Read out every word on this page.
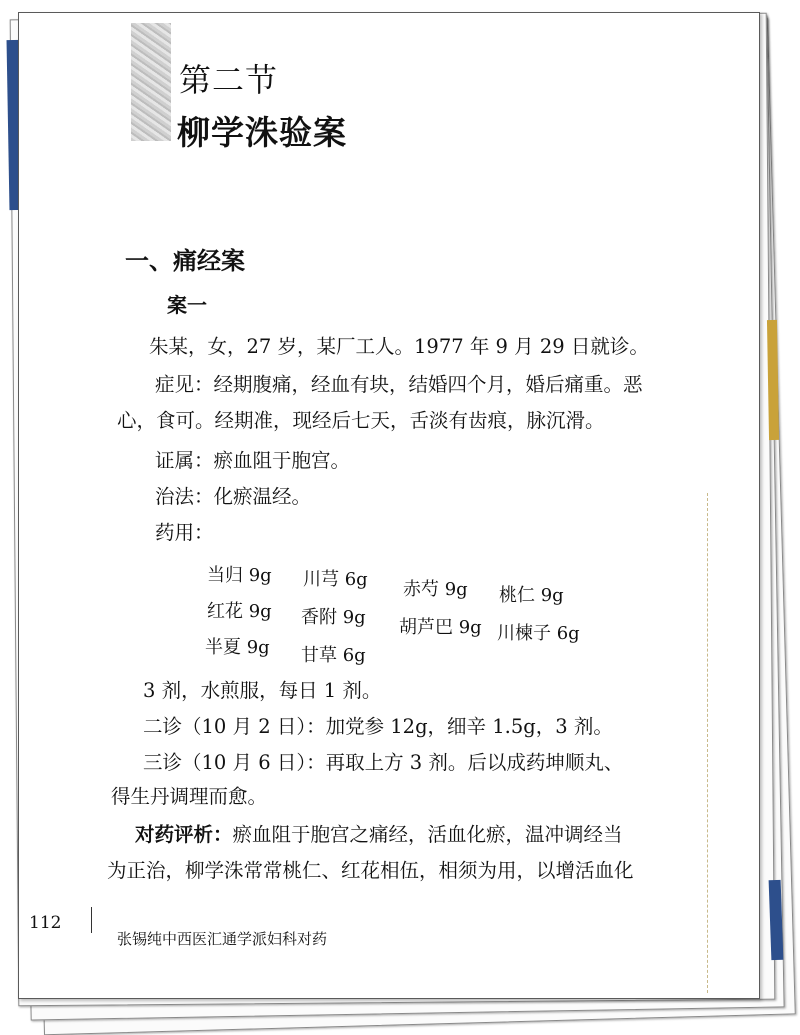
第二节
柳学洙验案
一、痛经案
案一

朱某，女，27 岁，某厂工人。1977 年 9 月 29 日就诊。

症见：经期腹痛，经血有块，结婚四个月，婚后痛重。恶

心，食可。经期准，现经后七天，舌淡有齿痕，脉沉滑。

证属：瘀血阻于胞宫。

治法：化瘀温经。

药用：

当归 9g 川芎 6g 赤芍 9g 桃仁 9g
红花 9g 香附 9g 胡芦巴 9g 川楝子 6g
半夏 9g 甘草 6g

3 剂，水煎服，每日 1 剂。

二诊（10 月 2 日）：加党参 12g，细辛 1.5g，3 剂。

三诊（10 月 6 日）：再取上方 3 剂。后以成药坤顺丸、

得生丹调理而愈。

对药评析：瘀血阻于胞宫之痛经，活血化瘀，温冲调经当

为正治，柳学洙常常桃仁、红花相伍，相须为用，以增活血化

112
张锡纯中西医汇通学派妇科对药
